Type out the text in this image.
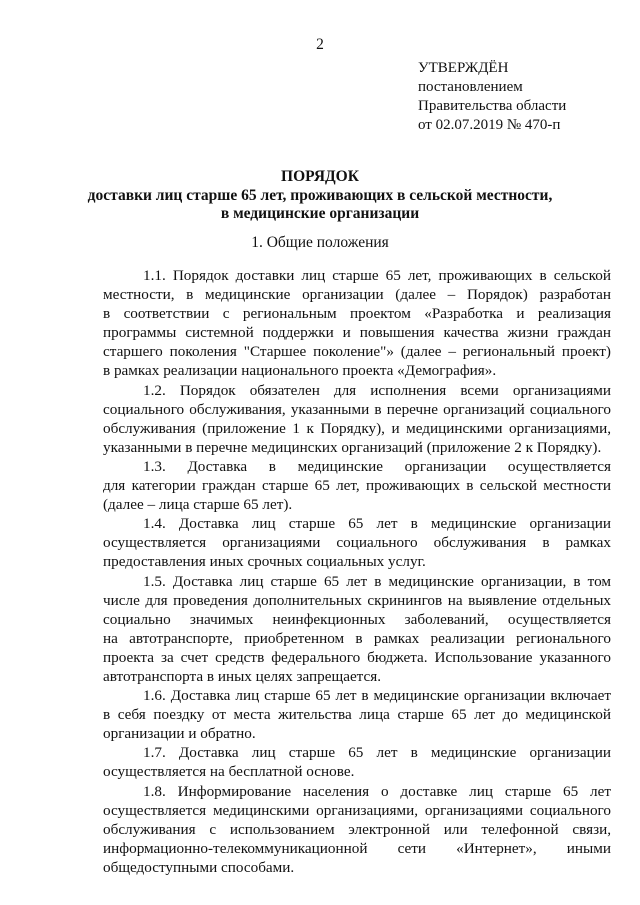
2
УТВЕРЖДЁН
постановлением
Правительства области
от 02.07.2019 № 470-п
ПОРЯДОК
доставки лиц старше 65 лет, проживающих в сельской местности,
в медицинские организации
1. Общие положения
1.1. Порядок доставки лиц старше 65 лет, проживающих в сельской
местности, в медицинские организации (далее – Порядок) разработан
в соответствии с региональным проектом «Разработка и реализация
программы системной поддержки и повышения качества жизни граждан
старшего поколения "Старшее поколение"» (далее – региональный проект)
в рамках реализации национального проекта «Демография».
1.2. Порядок обязателен для исполнения всеми организациями
социального обслуживания, указанными в перечне организаций социального
обслуживания (приложение 1 к Порядку), и медицинскими организациями,
указанными в перечне медицинских организаций (приложение 2 к Порядку).
1.3. Доставка в медицинские организации осуществляется
для категории граждан старше 65 лет, проживающих в сельской местности
(далее – лица старше 65 лет).
1.4. Доставка лиц старше 65 лет в медицинские организации
осуществляется организациями социального обслуживания в рамках
предоставления иных срочных социальных услуг.
1.5. Доставка лиц старше 65 лет в медицинские организации, в том
числе для проведения дополнительных скринингов на выявление отдельных
социально значимых неинфекционных заболеваний, осуществляется
на автотранспорте, приобретенном в рамках реализации регионального
проекта за счет средств федерального бюджета. Использование указанного
автотранспорта в иных целях запрещается.
1.6. Доставка лиц старше 65 лет в медицинские организации включает
в себя поездку от места жительства лица старше 65 лет до медицинской
организации и обратно.
1.7. Доставка лиц старше 65 лет в медицинские организации
осуществляется на бесплатной основе.
1.8. Информирование населения о доставке лиц старше 65 лет
осуществляется медицинскими организациями, организациями социального
обслуживания с использованием электронной или телефонной связи,
информационно-телекоммуникационной сети «Интернет», иными
общедоступными способами.
